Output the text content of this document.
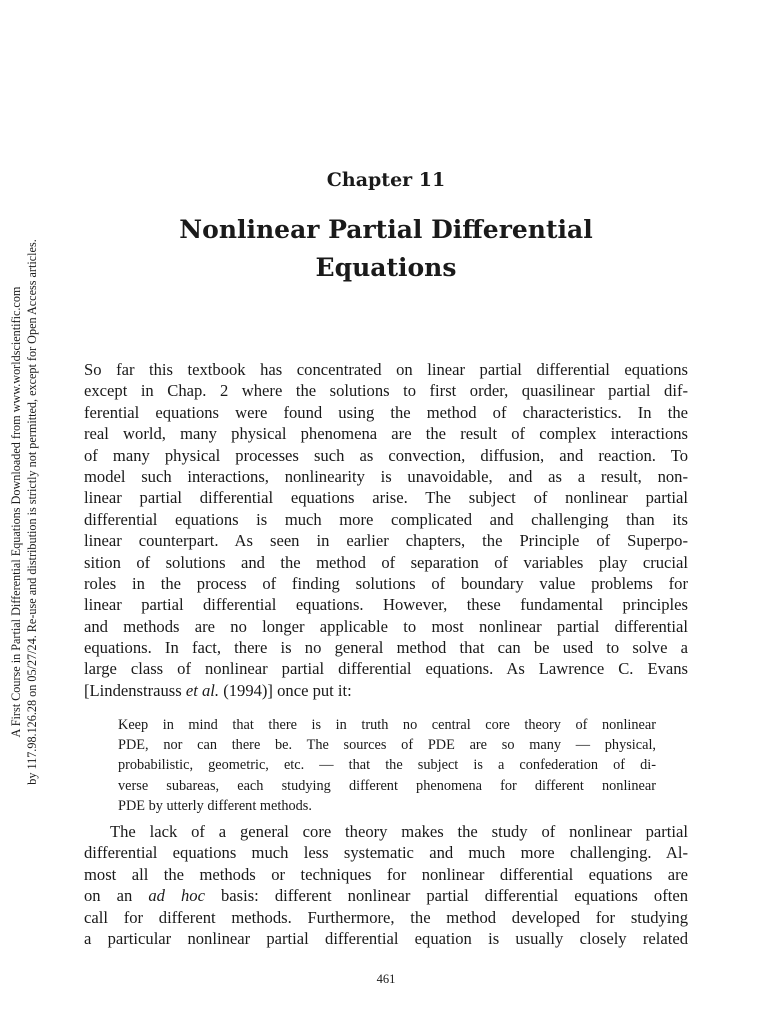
A First Course in Partial Differential Equations Downloaded from www.worldscientific.com by 117.98.126.28 on 05/27/24. Re-use and distribution is strictly not permitted, except for Open Access articles.
Chapter 11
Nonlinear Partial Differential
Equations
So far this textbook has concentrated on linear partial differential equations
except in Chap. 2 where the solutions to first order, quasilinear partial dif-
ferential equations were found using the method of characteristics. In the
real world, many physical phenomena are the result of complex interactions
of many physical processes such as convection, diffusion, and reaction. To
model such interactions, nonlinearity is unavoidable, and as a result, non-
linear partial differential equations arise. The subject of nonlinear partial
differential equations is much more complicated and challenging than its
linear counterpart. As seen in earlier chapters, the Principle of Superpo-
sition of solutions and the method of separation of variables play crucial
roles in the process of finding solutions of boundary value problems for
linear partial differential equations. However, these fundamental principles
and methods are no longer applicable to most nonlinear partial differential
equations. In fact, there is no general method that can be used to solve a
large class of nonlinear partial differential equations. As Lawrence C. Evans
[Lindenstrauss et al. (1994)] once put it:
Keep in mind that there is in truth no central core theory of nonlinear
PDE, nor can there be. The sources of PDE are so many — physical,
probabilistic, geometric, etc. — that the subject is a confederation of di-
verse subareas, each studying different phenomena for different nonlinear
PDE by utterly different methods.
The lack of a general core theory makes the study of nonlinear partial
differential equations much less systematic and much more challenging. Al-
most all the methods or techniques for nonlinear differential equations are
on an ad hoc basis: different nonlinear partial differential equations often
call for different methods. Furthermore, the method developed for studying
a particular nonlinear partial differential equation is usually closely related
461
